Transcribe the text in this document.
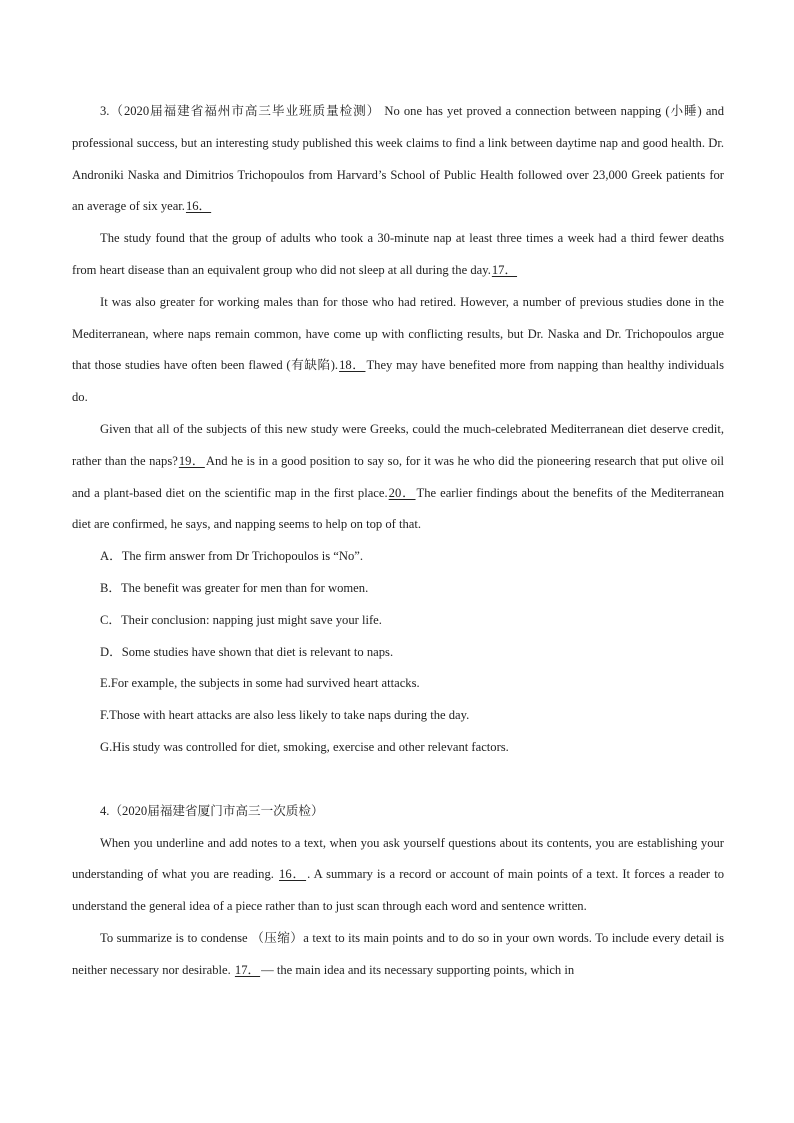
3.（2020届福建省福州市高三毕业班质量检测） No one has yet proved a connection between napping (小睡) and professional success, but an interesting study published this week claims to find a link between daytime nap and good health. Dr. Androniki Naska and Dimitrios Trichopoulos from Harvard’s School of Public Health followed over 23,000 Greek patients for an average of six year.16．

The study found that the group of adults who took a 30-minute nap at least three times a week had a third fewer deaths from heart disease than an equivalent group who did not sleep at all during the day.17．

It was also greater for working males than for those who had retired. However, a number of previous studies done in the Mediterranean, where naps remain common, have come up with conflicting results, but Dr. Naska and Dr. Trichopoulos argue that those studies have often been flawed (有缺陷).18．They may have benefited more from napping than healthy individuals do.

Given that all of the subjects of this new study were Greeks, could the much-celebrated Mediterranean diet deserve credit, rather than the naps?19．And he is in a good position to say so, for it was he who did the pioneering research that put olive oil and a plant-based diet on the scientific map in the first place.20．The earlier findings about the benefits of the Mediterranean diet are confirmed, he says, and napping seems to help on top of that.

A．The firm answer from Dr Trichopoulos is “No”.

B．The benefit was greater for men than for women.

C．Their conclusion: napping just might save your life.

D．Some studies have shown that diet is relevant to naps.

E.For example, the subjects in some had survived heart attacks.

F.Those with heart attacks are also less likely to take naps during the day.

G.His study was controlled for diet, smoking, exercise and other relevant factors.

4.（2020届福建省厦门市高三一次质检）

When you underline and add notes to a text, when you ask yourself questions about its contents, you are establishing your understanding of what you are reading. 16．. A summary is a record or account of main points of a text. It forces a reader to understand the general idea of a piece rather than to just scan through each word and sentence written.

To summarize is to condense （压缩）a text to its main points and to do so in your own words. To include every detail is neither necessary nor desirable. 17．— the main idea and its necessary supporting points, which in
